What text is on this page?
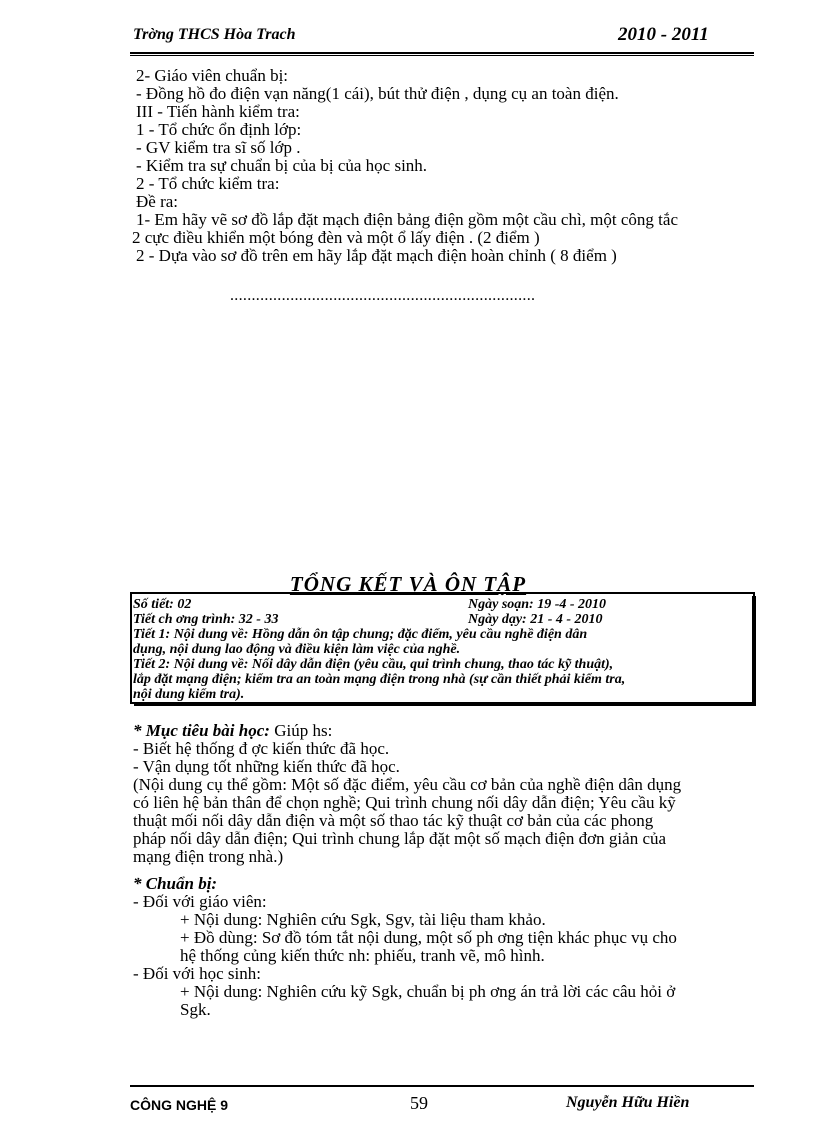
Trờng THCS Hòa Trach	2010 - 2011
2- Giáo viên chuẩn bị:
- Đồng hồ đo điện vạn năng(1 cái), bút thử điện , dụng cụ an toàn điện.
III - Tiến hành kiểm tra:
1 - Tổ chức ổn định lớp:
- GV kiểm tra sĩ số lớp .
- Kiểm tra sự chuẩn bị của bị của học sinh.
2 - Tổ chức kiểm tra:
Đề ra:
1- Em hãy vẽ sơ đồ lắp đặt mạch điện bảng điện gồm một cầu chì, một công tắc
2 cực điều khiển một bóng đèn và một ổ lấy điện . (2 điểm )
2 - Dựa vào sơ đồ trên em hãy lắp đặt mạch điện hoàn chỉnh ( 8 điểm )
.......................................................................
TỔNG KẾT VÀ ÔN TẬP
Số tiết: 02	Ngày soạn: 19 -4 - 2010
Tiết ch ơng trình: 32 - 33	Ngày dạy: 21 - 4 - 2010
Tiết 1: Nội dung về: Hồng dẫn ôn tập chung; đặc điểm, yêu cầu nghề điện dân
dụng, nội dung lao động và điều kiện làm việc của nghề.
Tiết 2: Nội dung về: Nối dây dẫn điện (yêu cầu, qui trình chung, thao tác kỹ thuật),
lắp đặt mạng điện; kiểm tra an toàn mạng điện trong nhà (sự cần thiết phải kiểm tra,
nội dung kiểm tra).
* Mục tiêu bài học: Giúp hs:
- Biết hệ thống đ ợc kiến thức đã học.
- Vận dụng tốt những kiến thức đã học.
(Nội dung cụ thể gồm: Một số đặc điểm, yêu cầu cơ bản của nghề điện dân dụng
có liên hệ bản thân để chọn nghề; Qui trình chung nối dây dẫn điện; Yêu cầu kỹ
thuật mối nối dây dẫn điện và một số thao tác kỹ thuật cơ bản của các phong
pháp nối dây dẫn điện; Qui trình chung lắp đặt một số mạch điện đơn giản của
mạng điện trong nhà.)
* Chuẩn bị:
- Đối với giáo viên:
+ Nội dung: Nghiên cứu Sgk, Sgv, tài liệu tham khảo.
+ Đồ dùng: Sơ đồ tóm tắt nội dung, một số ph ơng tiện khác phục vụ cho
hệ thống củng kiến thức nh: phiếu, tranh vẽ, mô hình.
- Đối với học sinh:
+ Nội dung: Nghiên cứu kỹ Sgk, chuẩn bị ph ơng án trả lời các câu hỏi ở
Sgk.
CÔNG NGHỆ 9	59	Nguyễn Hữu Hiền
